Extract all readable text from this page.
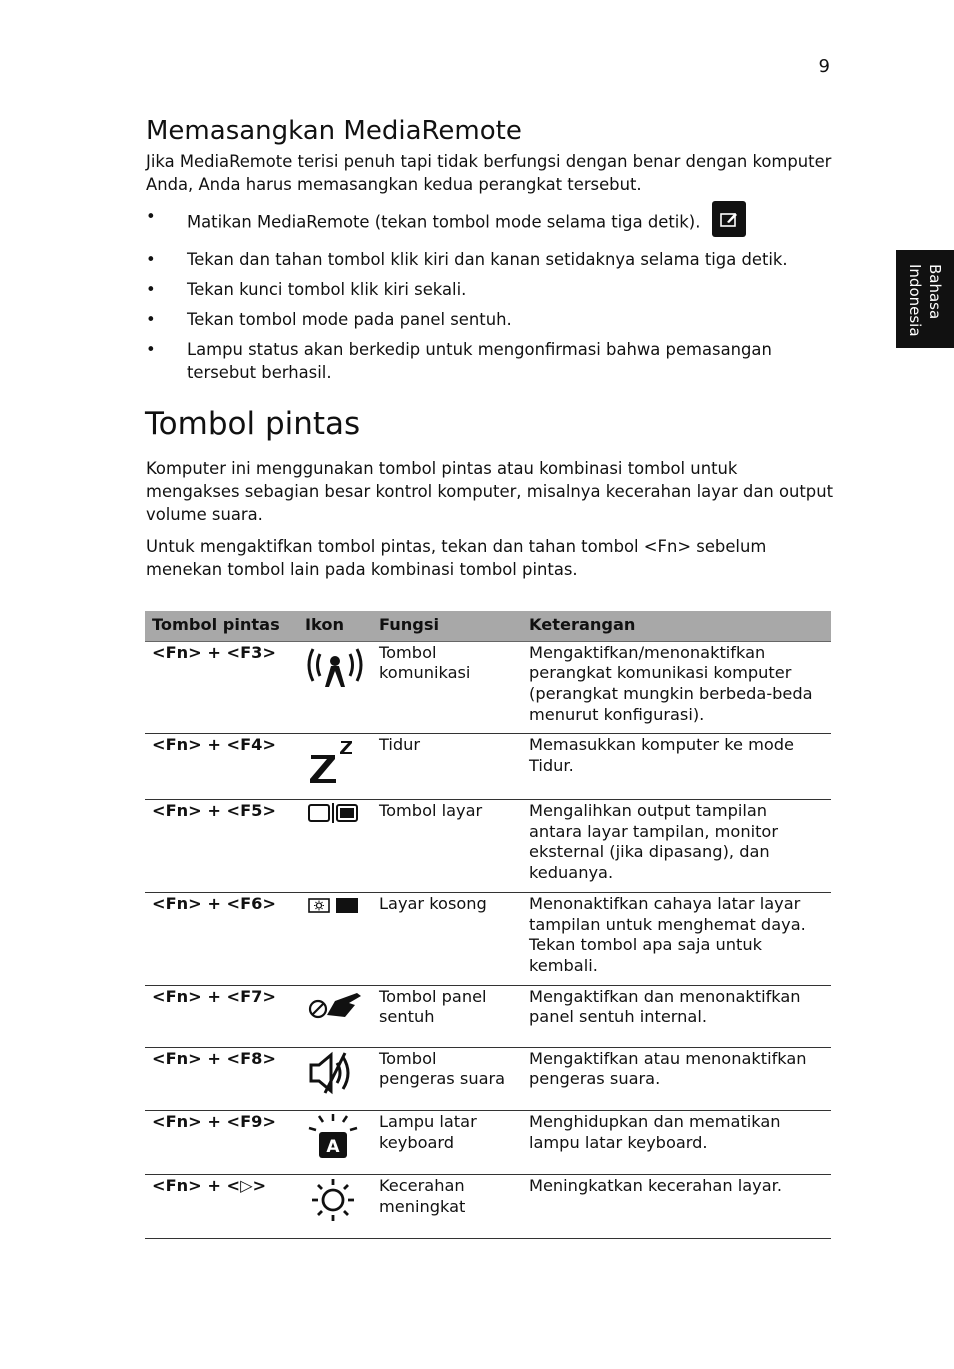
9
Bahasa
Indonesia
Memasangkan MediaRemote

Jika MediaRemote terisi penuh tapi tidak berfungsi dengan benar dengan komputer Anda, Anda harus memasangkan kedua perangkat tersebut.

• Matikan MediaRemote (tekan tombol mode selama tiga detik).
• Tekan dan tahan tombol klik kiri dan kanan setidaknya selama tiga detik.
• Tekan kunci tombol klik kiri sekali.
• Tekan tombol mode pada panel sentuh.
• Lampu status akan berkedip untuk mengonfirmasi bahwa pemasangan tersebut berhasil.
Tombol pintas

Komputer ini menggunakan tombol pintas atau kombinasi tombol untuk mengakses sebagian besar kontrol komputer, misalnya kecerahan layar dan output volume suara.

Untuk mengaktifkan tombol pintas, tekan dan tahan tombol <Fn> sebelum menekan tombol lain pada kombinasi tombol pintas.

Tombol pintas	Ikon	Fungsi	Keterangan
<Fn> + <F3>		Tombol komunikasi	Mengaktifkan/menonaktifkan perangkat komunikasi komputer (perangkat mungkin berbeda-beda menurut konfigurasi).
<Fn> + <F4>		Tidur	Memasukkan komputer ke mode Tidur.
<Fn> + <F5>		Tombol layar	Mengalihkan output tampilan antara layar tampilan, monitor eksternal (jika dipasang), dan keduanya.
<Fn> + <F6>		Layar kosong	Menonaktifkan cahaya latar layar tampilan untuk menghemat daya. Tekan tombol apa saja untuk kembali.
<Fn> + <F7>		Tombol panel sentuh	Mengaktifkan dan menonaktifkan panel sentuh internal.
<Fn> + <F8>		Tombol pengeras suara	Mengaktifkan atau menonaktifkan pengeras suara.
<Fn> + <F9>	A	Lampu latar keyboard	Menghidupkan dan mematikan lampu latar keyboard.
<Fn> + <▷>		Kecerahan meningkat	Meningkatkan kecerahan layar.
